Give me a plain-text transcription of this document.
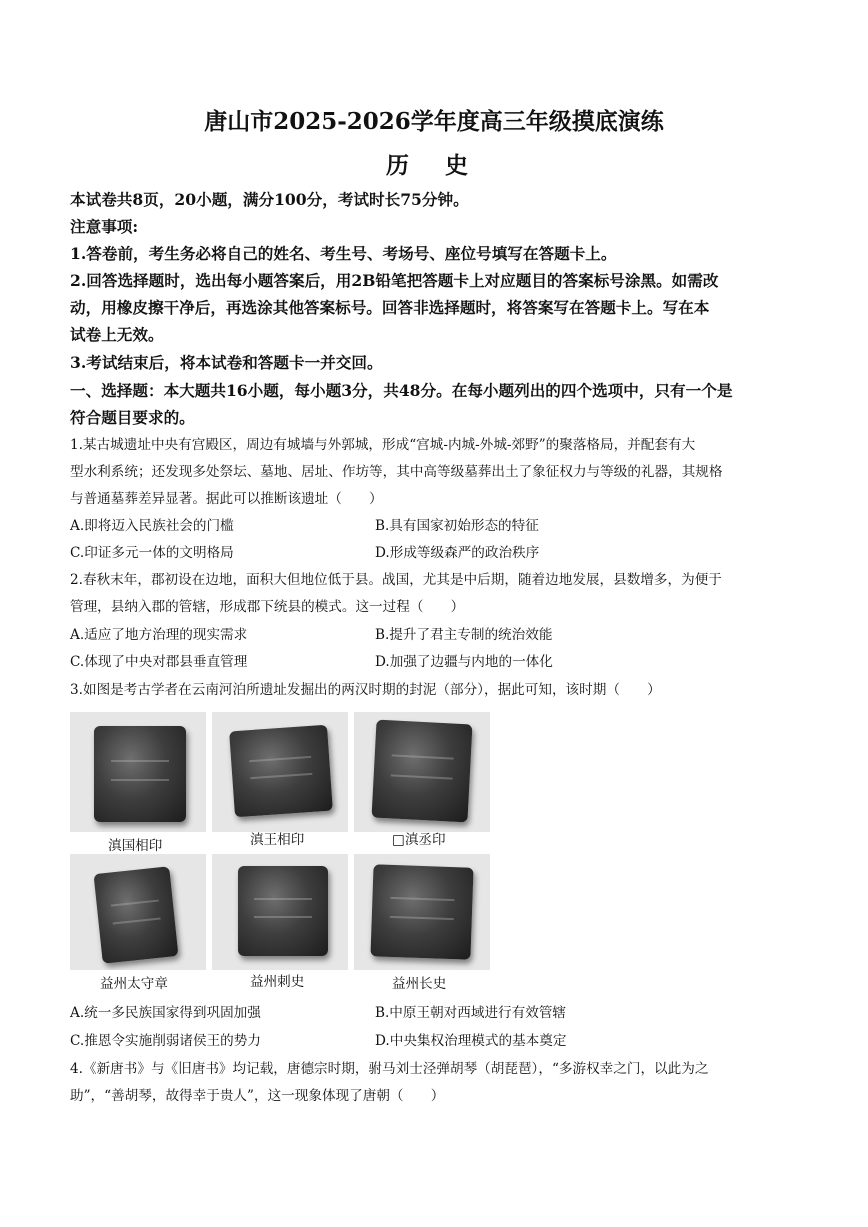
唐山市2025-2026学年度高三年级摸底演练
历 史
本试卷共8页，20小题，满分100分，考试时长75分钟。
注意事项:
1.答卷前，考生务必将自己的姓名、考生号、考场号、座位号填写在答题卡上。
2.回答选择题时，选出每小题答案后，用2B铅笔把答题卡上对应题目的答案标号涂黑。如需改
动，用橡皮擦干净后，再选涂其他答案标号。回答非选择题时，将答案写在答题卡上。写在本
试卷上无效。
3.考试结束后，将本试卷和答题卡一并交回。
一、选择题：本大题共16小题，每小题3分，共48分。在每小题列出的四个选项中，只有一个是
符合题目要求的。
1.某古城遗址中央有宫殿区，周边有城墙与外郭城，形成“宫城-内城-外城-郊野”的聚落格局，并配套有大
型水利系统；还发现多处祭坛、墓地、居址、作坊等，其中高等级墓葬出土了象征权力与等级的礼器，其规格
与普通墓葬差异显著。据此可以推断该遗址（　　）
A.即将迈入民族社会的门槛	B.具有国家初始形态的特征
C.印证多元一体的文明格局	D.形成等级森严的政治秩序
2.春秋末年，郡初设在边地，面积大但地位低于县。战国，尤其是中后期，随着边地发展，县数增多，为便于
管理，县纳入郡的管辖，形成郡下统县的模式。这一过程（　　）
A.适应了地方治理的现实需求	B.提升了君主专制的统治效能
C.体现了中央对郡县垂直管理	D.加强了边疆与内地的一体化
3.如图是考古学者在云南河泊所遗址发掘出的两汉时期的封泥（部分），据此可知，该时期（　　）
滇国相印	滇王相印	□滇丞印
益州太守章	益州刺史	益州长史
A.统一多民族国家得到巩固加强	B.中原王朝对西域进行有效管辖
C.推恩令实施削弱诸侯王的势力	D.中央集权治理模式的基本奠定
4.《新唐书》与《旧唐书》均记载，唐德宗时期，驸马刘士泾弹胡琴（胡琵琶），“多游权幸之门，以此为之
助”，“善胡琴，故得幸于贵人”，这一现象体现了唐朝（　　）
